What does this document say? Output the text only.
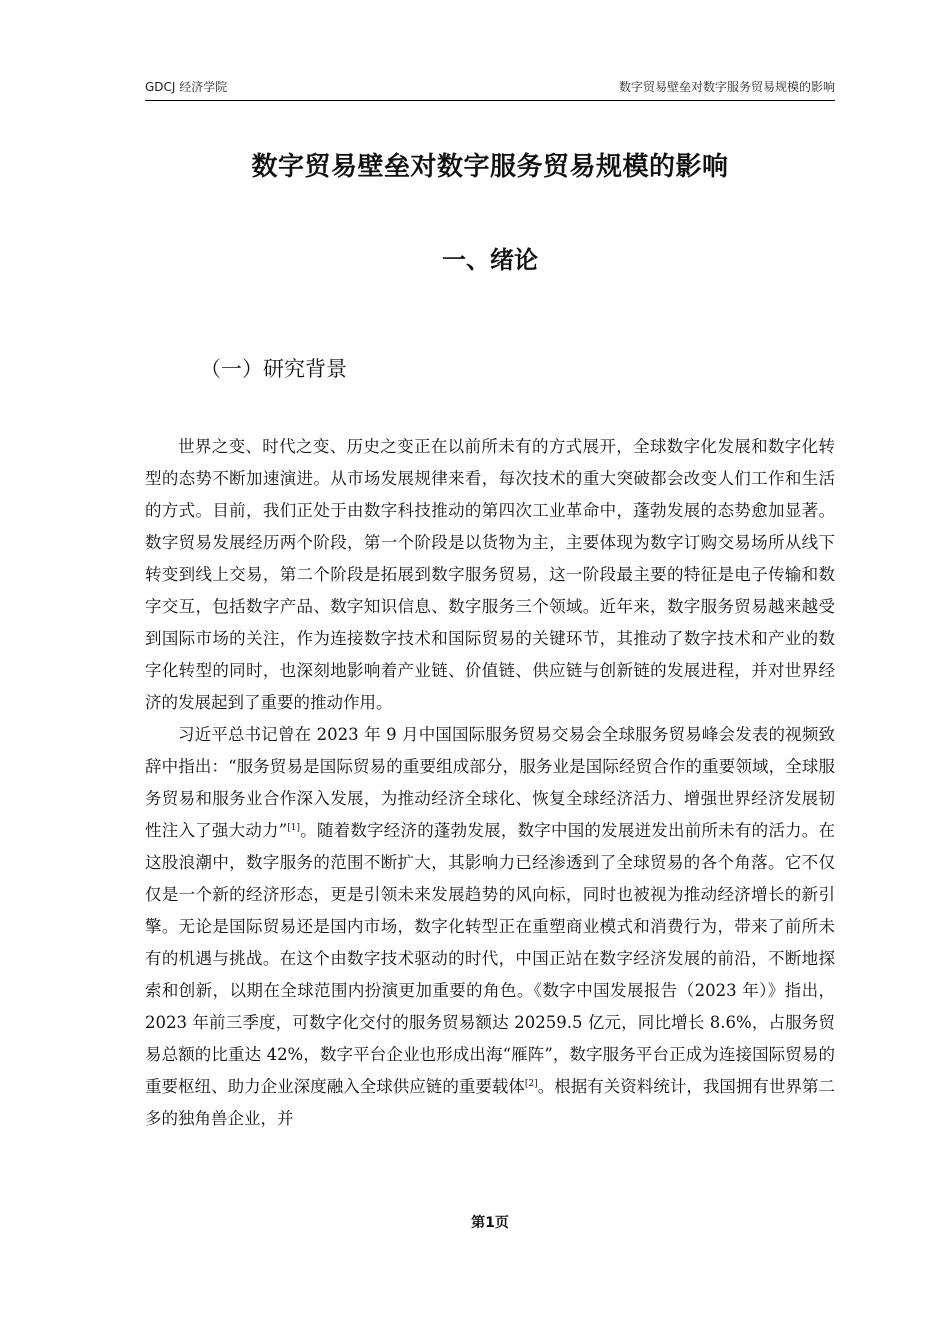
GDCJ 经济学院	数字贸易壁垒对数字服务贸易规模的影响
数字贸易壁垒对数字服务贸易规模的影响
一、绪论
（一）研究背景

世界之变、时代之变、历史之变正在以前所未有的方式展开，全球数字化发展和数字化转型的态势不断加速演进。从市场发展规律来看，每次技术的重大突破都会改变人们工作和生活的方式。目前，我们正处于由数字科技推动的第四次工业革命中，蓬勃发展的态势愈加显著。数字贸易发展经历两个阶段，第一个阶段是以货物为主，主要体现为数字订购交易场所从线下转变到线上交易，第二个阶段是拓展到数字服务贸易，这一阶段最主要的特征是电子传输和数字交互，包括数字产品、数字知识信息、数字服务三个领域。近年来，数字服务贸易越来越受到国际市场的关注，作为连接数字技术和国际贸易的关键环节，其推动了数字技术和产业的数字化转型的同时，也深刻地影响着产业链、价值链、供应链与创新链的发展进程，并对世界经济的发展起到了重要的推动作用。

习近平总书记曾在 2023 年 9 月中国国际服务贸易交易会全球服务贸易峰会发表的视频致辞中指出：“服务贸易是国际贸易的重要组成部分，服务业是国际经贸合作的重要领域，全球服务贸易和服务业合作深入发展，为推动经济全球化、恢复全球经济活力、增强世界经济发展韧性注入了强大动力”[1]。随着数字经济的蓬勃发展，数字中国的发展迸发出前所未有的活力。在这股浪潮中，数字服务的范围不断扩大，其影响力已经渗透到了全球贸易的各个角落。它不仅仅是一个新的经济形态，更是引领未来发展趋势的风向标，同时也被视为推动经济增长的新引擎。无论是国际贸易还是国内市场，数字化转型正在重塑商业模式和消费行为，带来了前所未有的机遇与挑战。在这个由数字技术驱动的时代，中国正站在数字经济发展的前沿，不断地探索和创新，以期在全球范围内扮演更加重要的角色。《数字中国发展报告（2023 年）》指出，2023 年前三季度，可数字化交付的服务贸易额达 20259.5 亿元，同比增长 8.6%，占服务贸易总额的比重达 42%，数字平台企业也形成出海“雁阵”，数字服务平台正成为连接国际贸易的重要枢纽、助力企业深度融入全球供应链的重要载体[2]。根据有关资料统计，我国拥有世界第二多的独角兽企业，并

第1页
